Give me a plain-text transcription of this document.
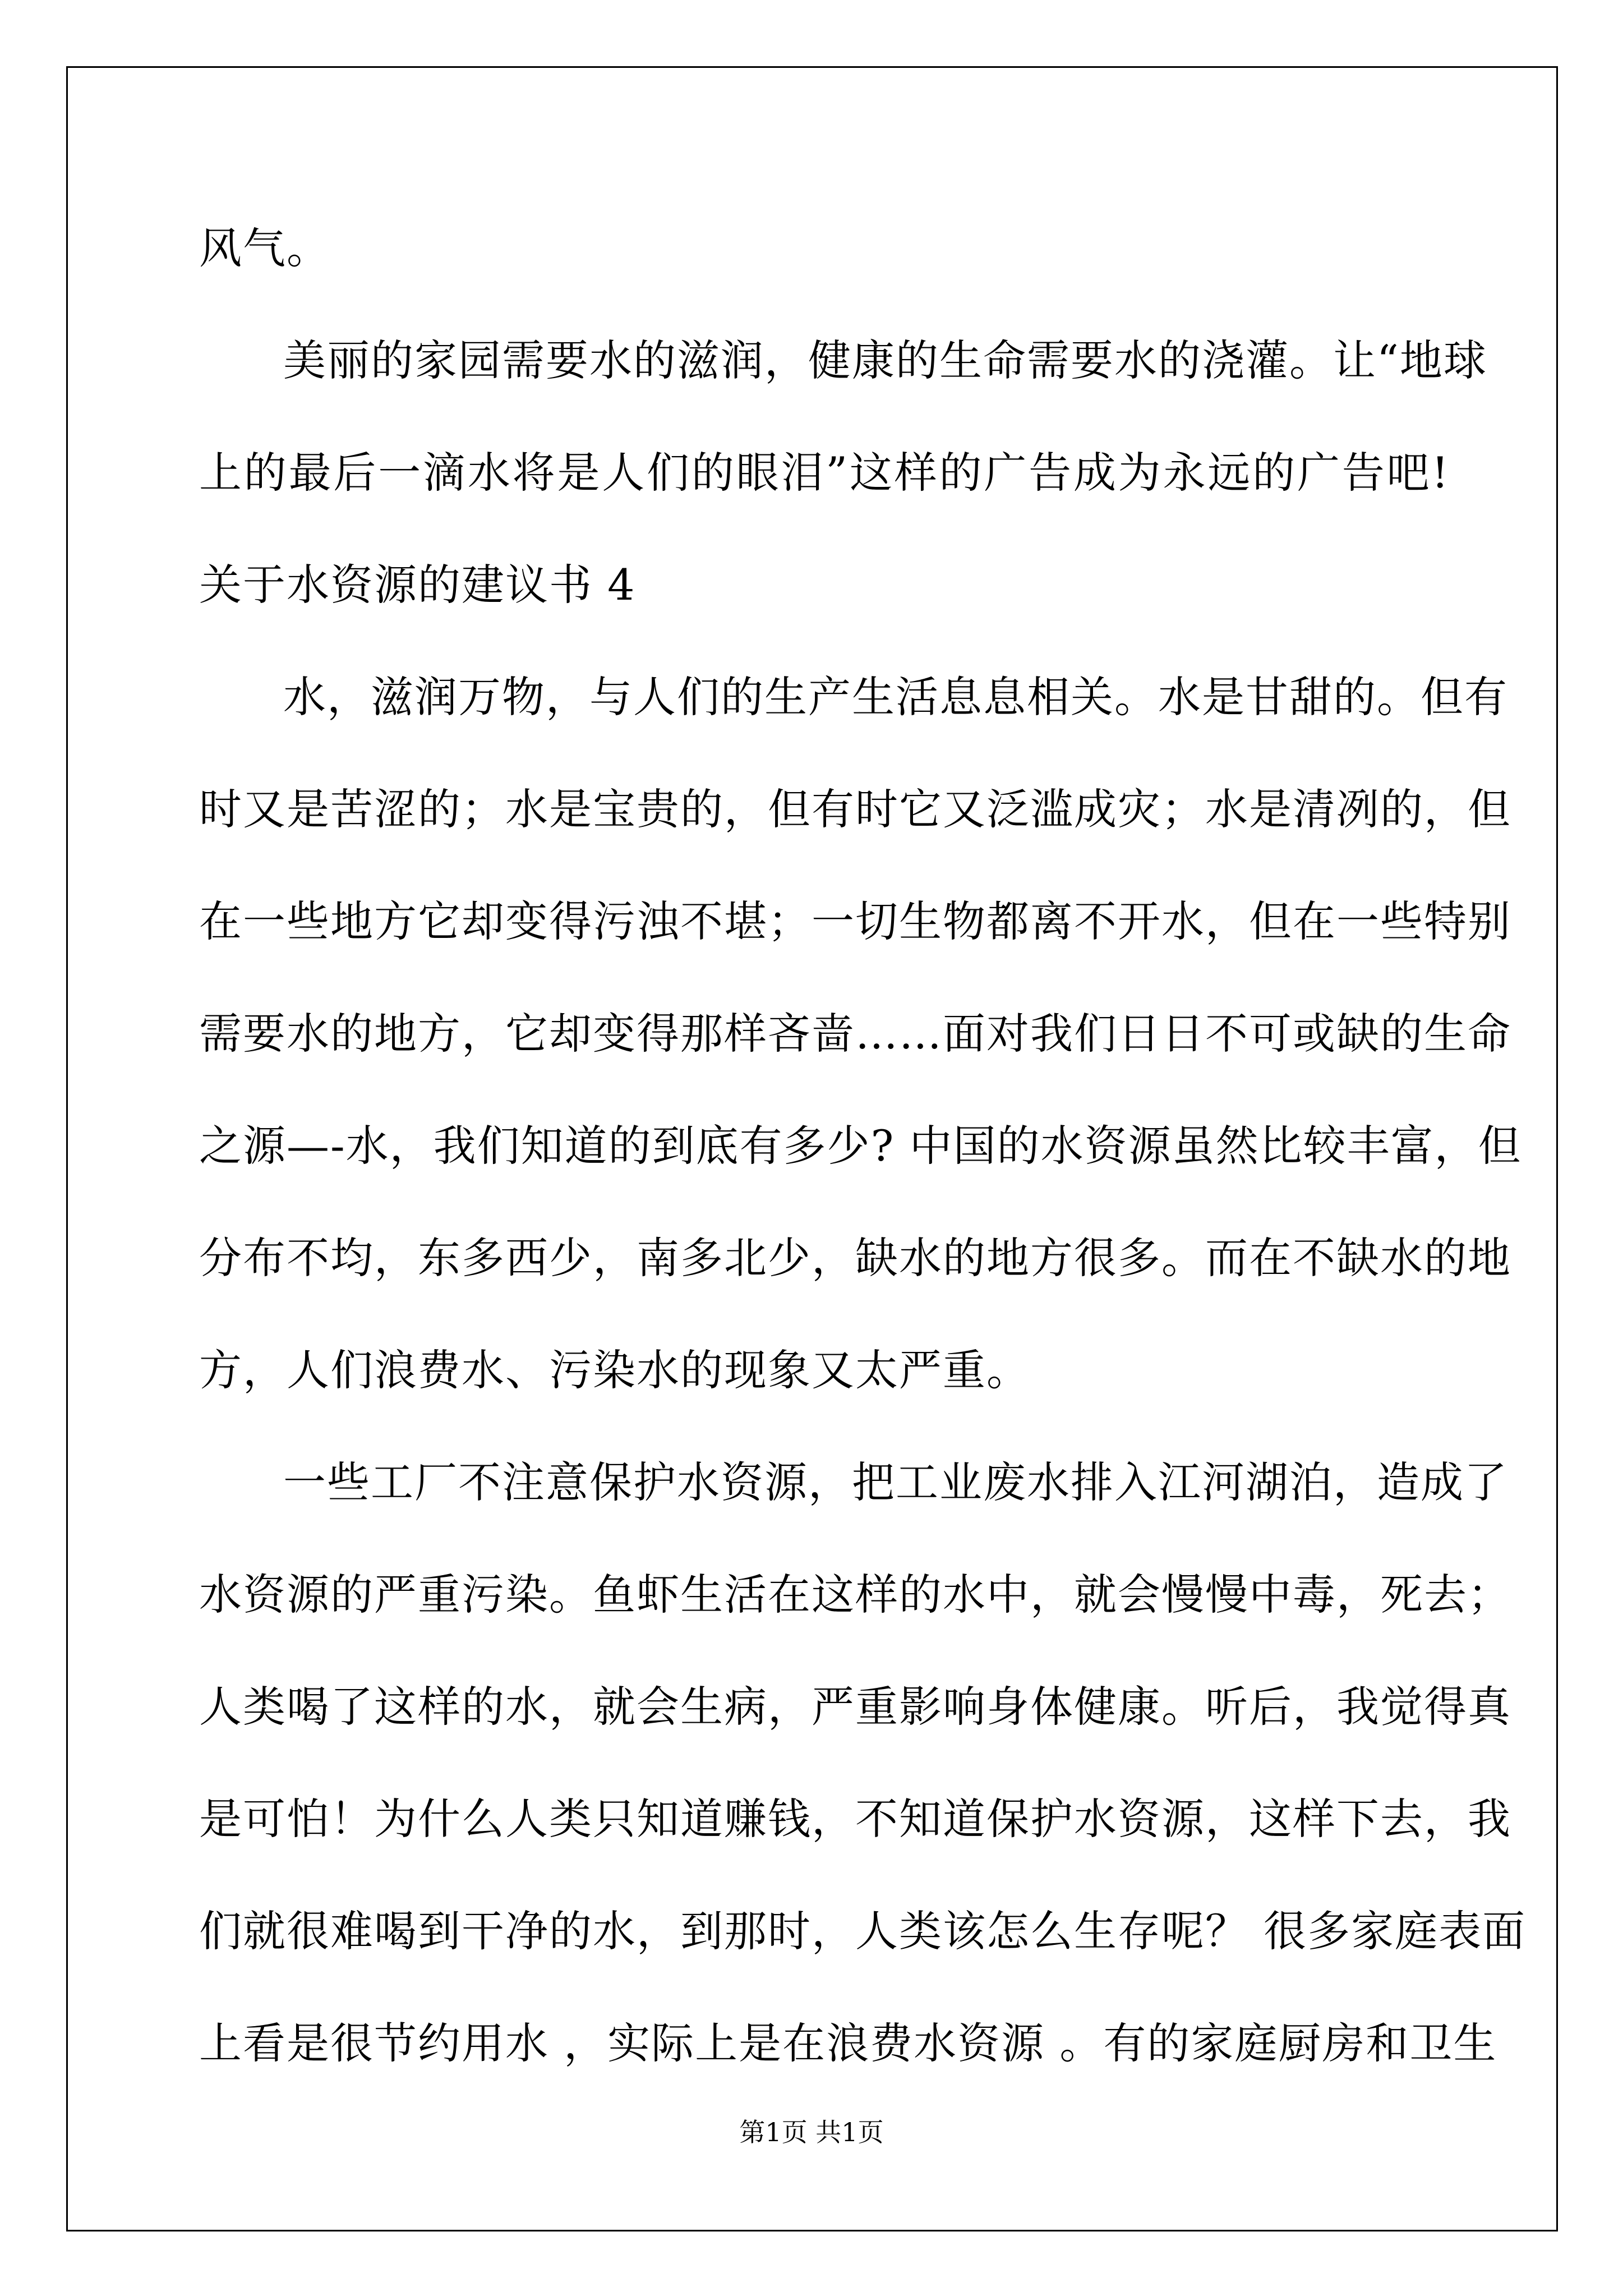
风气。
美丽的家园需要水的滋润，健康的生命需要水的浇灌。让“地球
上的最后一滴水将是人们的眼泪”这样的广告成为永远的广告吧!
关于水资源的建议书 4
水，滋润万物，与人们的生产生活息息相关。水是甘甜的。但有
时又是苦涩的；水是宝贵的，但有时它又泛滥成灾；水是清冽的，但
在一些地方它却变得污浊不堪；一切生物都离不开水，但在一些特别
需要水的地方，它却变得那样吝啬……面对我们日日不可或缺的生命
之源—-水，我们知道的到底有多少? 中国的水资源虽然比较丰富，但
分布不均，东多西少，南多北少，缺水的地方很多。而在不缺水的地
方，人们浪费水、污染水的现象又太严重。
一些工厂不注意保护水资源，把工业废水排入江河湖泊，造成了
水资源的严重污染。鱼虾生活在这样的水中，就会慢慢中毒，死去；
人类喝了这样的水，就会生病，严重影响身体健康。听后，我觉得真
是可怕！为什么人类只知道赚钱，不知道保护水资源，这样下去，我
们就很难喝到干净的水，到那时，人类该怎么生存呢？ 很多家庭表面
上看是很节约用水 ，实际上是在浪费水资源 。有的家庭厨房和卫生
第1页 共1页
